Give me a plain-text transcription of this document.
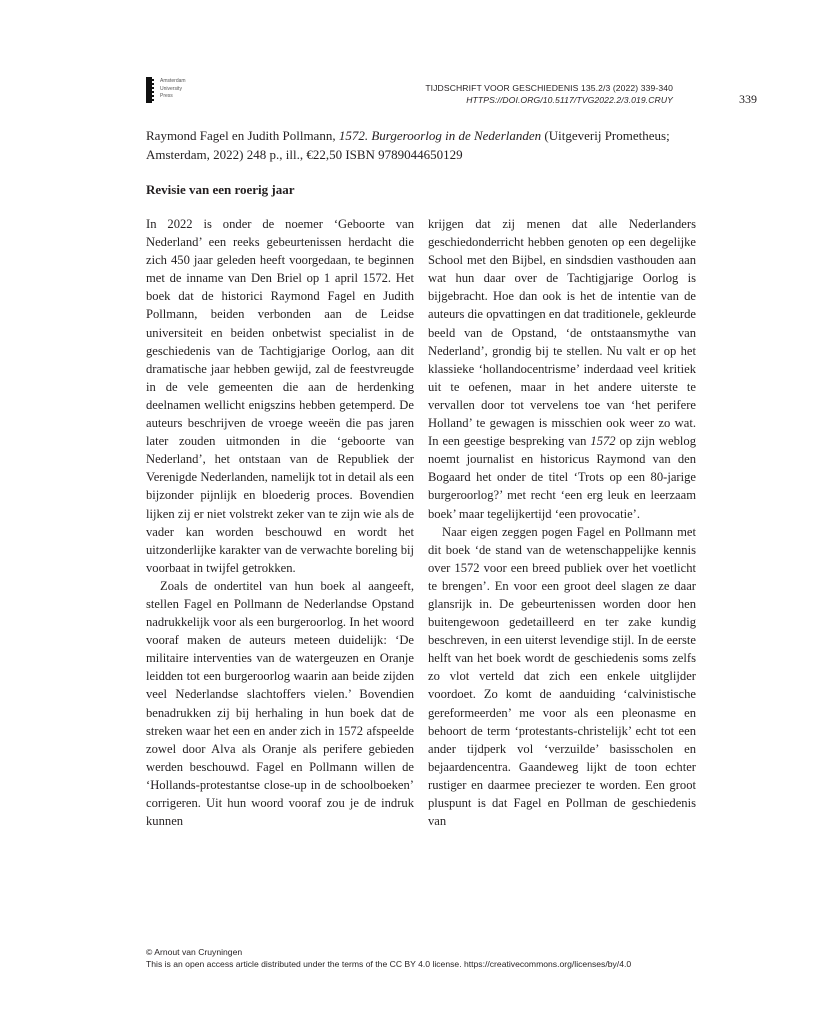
Amsterdam
University
Press
TIJDSCHRIFT VOOR GESCHIEDENIS 135.2/3 (2022) 339-340
HTTPS://DOI.ORG/10.5117/TVG2022.2/3.019.CRUY	339
Raymond Fagel en Judith Pollmann, 1572. Burgeroorlog in de Nederlanden (Uitgeverij Prometheus; Amsterdam, 2022) 248 p., ill., €22,50 ISBN 9789044650129
Revisie van een roerig jaar

In 2022 is onder de noemer ‘Geboorte van Nederland’ een reeks gebeurtenissen herdacht die zich 450 jaar geleden heeft voorgedaan, te beginnen met de inname van Den Briel op 1 april 1572. Het boek dat de historici Raymond Fagel en Judith Pollmann, beiden verbonden aan de Leidse universiteit en beiden onbetwist specialist in de geschiedenis van de Tachtigjarige Oorlog, aan dit dramatische jaar hebben gewijd, zal de feestvreugde in de vele gemeenten die aan de herdenking deelnamen wellicht enigszins hebben getemperd. De auteurs beschrijven de vroege weeën die pas jaren later zouden uitmonden in die ‘geboorte van Nederland’, het ontstaan van de Republiek der Verenigde Nederlanden, namelijk tot in detail als een bijzonder pijnlijk en bloederig proces. Bovendien lijken zij er niet volstrekt zeker van te zijn wie als de vader kan worden beschouwd en wordt het uitzonderlijke karakter van de verwachte boreling bij voorbaat in twijfel getrokken.

Zoals de ondertitel van hun boek al aangeeft, stellen Fagel en Pollmann de Nederlandse Opstand nadrukkelijk voor als een burgeroorlog. In het woord vooraf maken de auteurs meteen duidelijk: ‘De militaire interventies van de watergeuzen en Oranje leidden tot een burgeroorlog waarin aan beide zijden veel Nederlandse slachtoffers vielen.’ Bovendien benadrukken zij bij herhaling in hun boek dat de streken waar het een en ander zich in 1572 afspeelde zowel door Alva als Oranje als perifere gebieden werden beschouwd. Fagel en Pollmann willen de ‘Hollands-protestantse close-up in de schoolboeken’ corrigeren. Uit hun woord vooraf zou je de indruk kunnen

krijgen dat zij menen dat alle Nederlanders geschiedonderricht hebben genoten op een degelijke School met den Bijbel, en sindsdien vasthouden aan wat hun daar over de Tachtigjarige Oorlog is bijgebracht. Hoe dan ook is het de intentie van de auteurs die opvattingen en dat traditionele, gekleurde beeld van de Opstand, ‘de ontstaansmythe van Nederland’, grondig bij te stellen. Nu valt er op het klassieke ‘hollandocentrisme’ inderdaad veel kritiek uit te oefenen, maar in het andere uiterste te vervallen door tot vervelens toe van ‘het perifere Holland’ te gewagen is misschien ook weer zo wat. In een geestige bespreking van 1572 op zijn weblog noemt journalist en historicus Raymond van den Bogaard het onder de titel ‘Trots op een 80-jarige burgeroorlog?’ met recht ‘een erg leuk en leerzaam boek’ maar tegelijkertijd ‘een provocatie’.

Naar eigen zeggen pogen Fagel en Pollmann met dit boek ‘de stand van de wetenschappelijke kennis over 1572 voor een breed publiek over het voetlicht te brengen’. En voor een groot deel slagen ze daar glansrijk in. De gebeurtenissen worden door hen buitengewoon gedetailleerd en ter zake kundig beschreven, in een uiterst levendige stijl. In de eerste helft van het boek wordt de geschiedenis soms zelfs zo vlot verteld dat zich een enkele uitglijder voordoet. Zo komt de aanduiding ‘calvinistische gereformeerden’ me voor als een pleonasme en behoort de term ‘protestants-christelijk’ echt tot een ander tijdperk vol ‘verzuilde’ basisscholen en bejaardencentra. Gaandeweg lijkt de toon echter rustiger en daarmee preciezer te worden. Een groot pluspunt is dat Fagel en Pollman de geschiedenis van

© Arnout van Cruyningen
This is an open access article distributed under the terms of the CC BY 4.0 license. https://creativecommons.org/licenses/by/4.0
